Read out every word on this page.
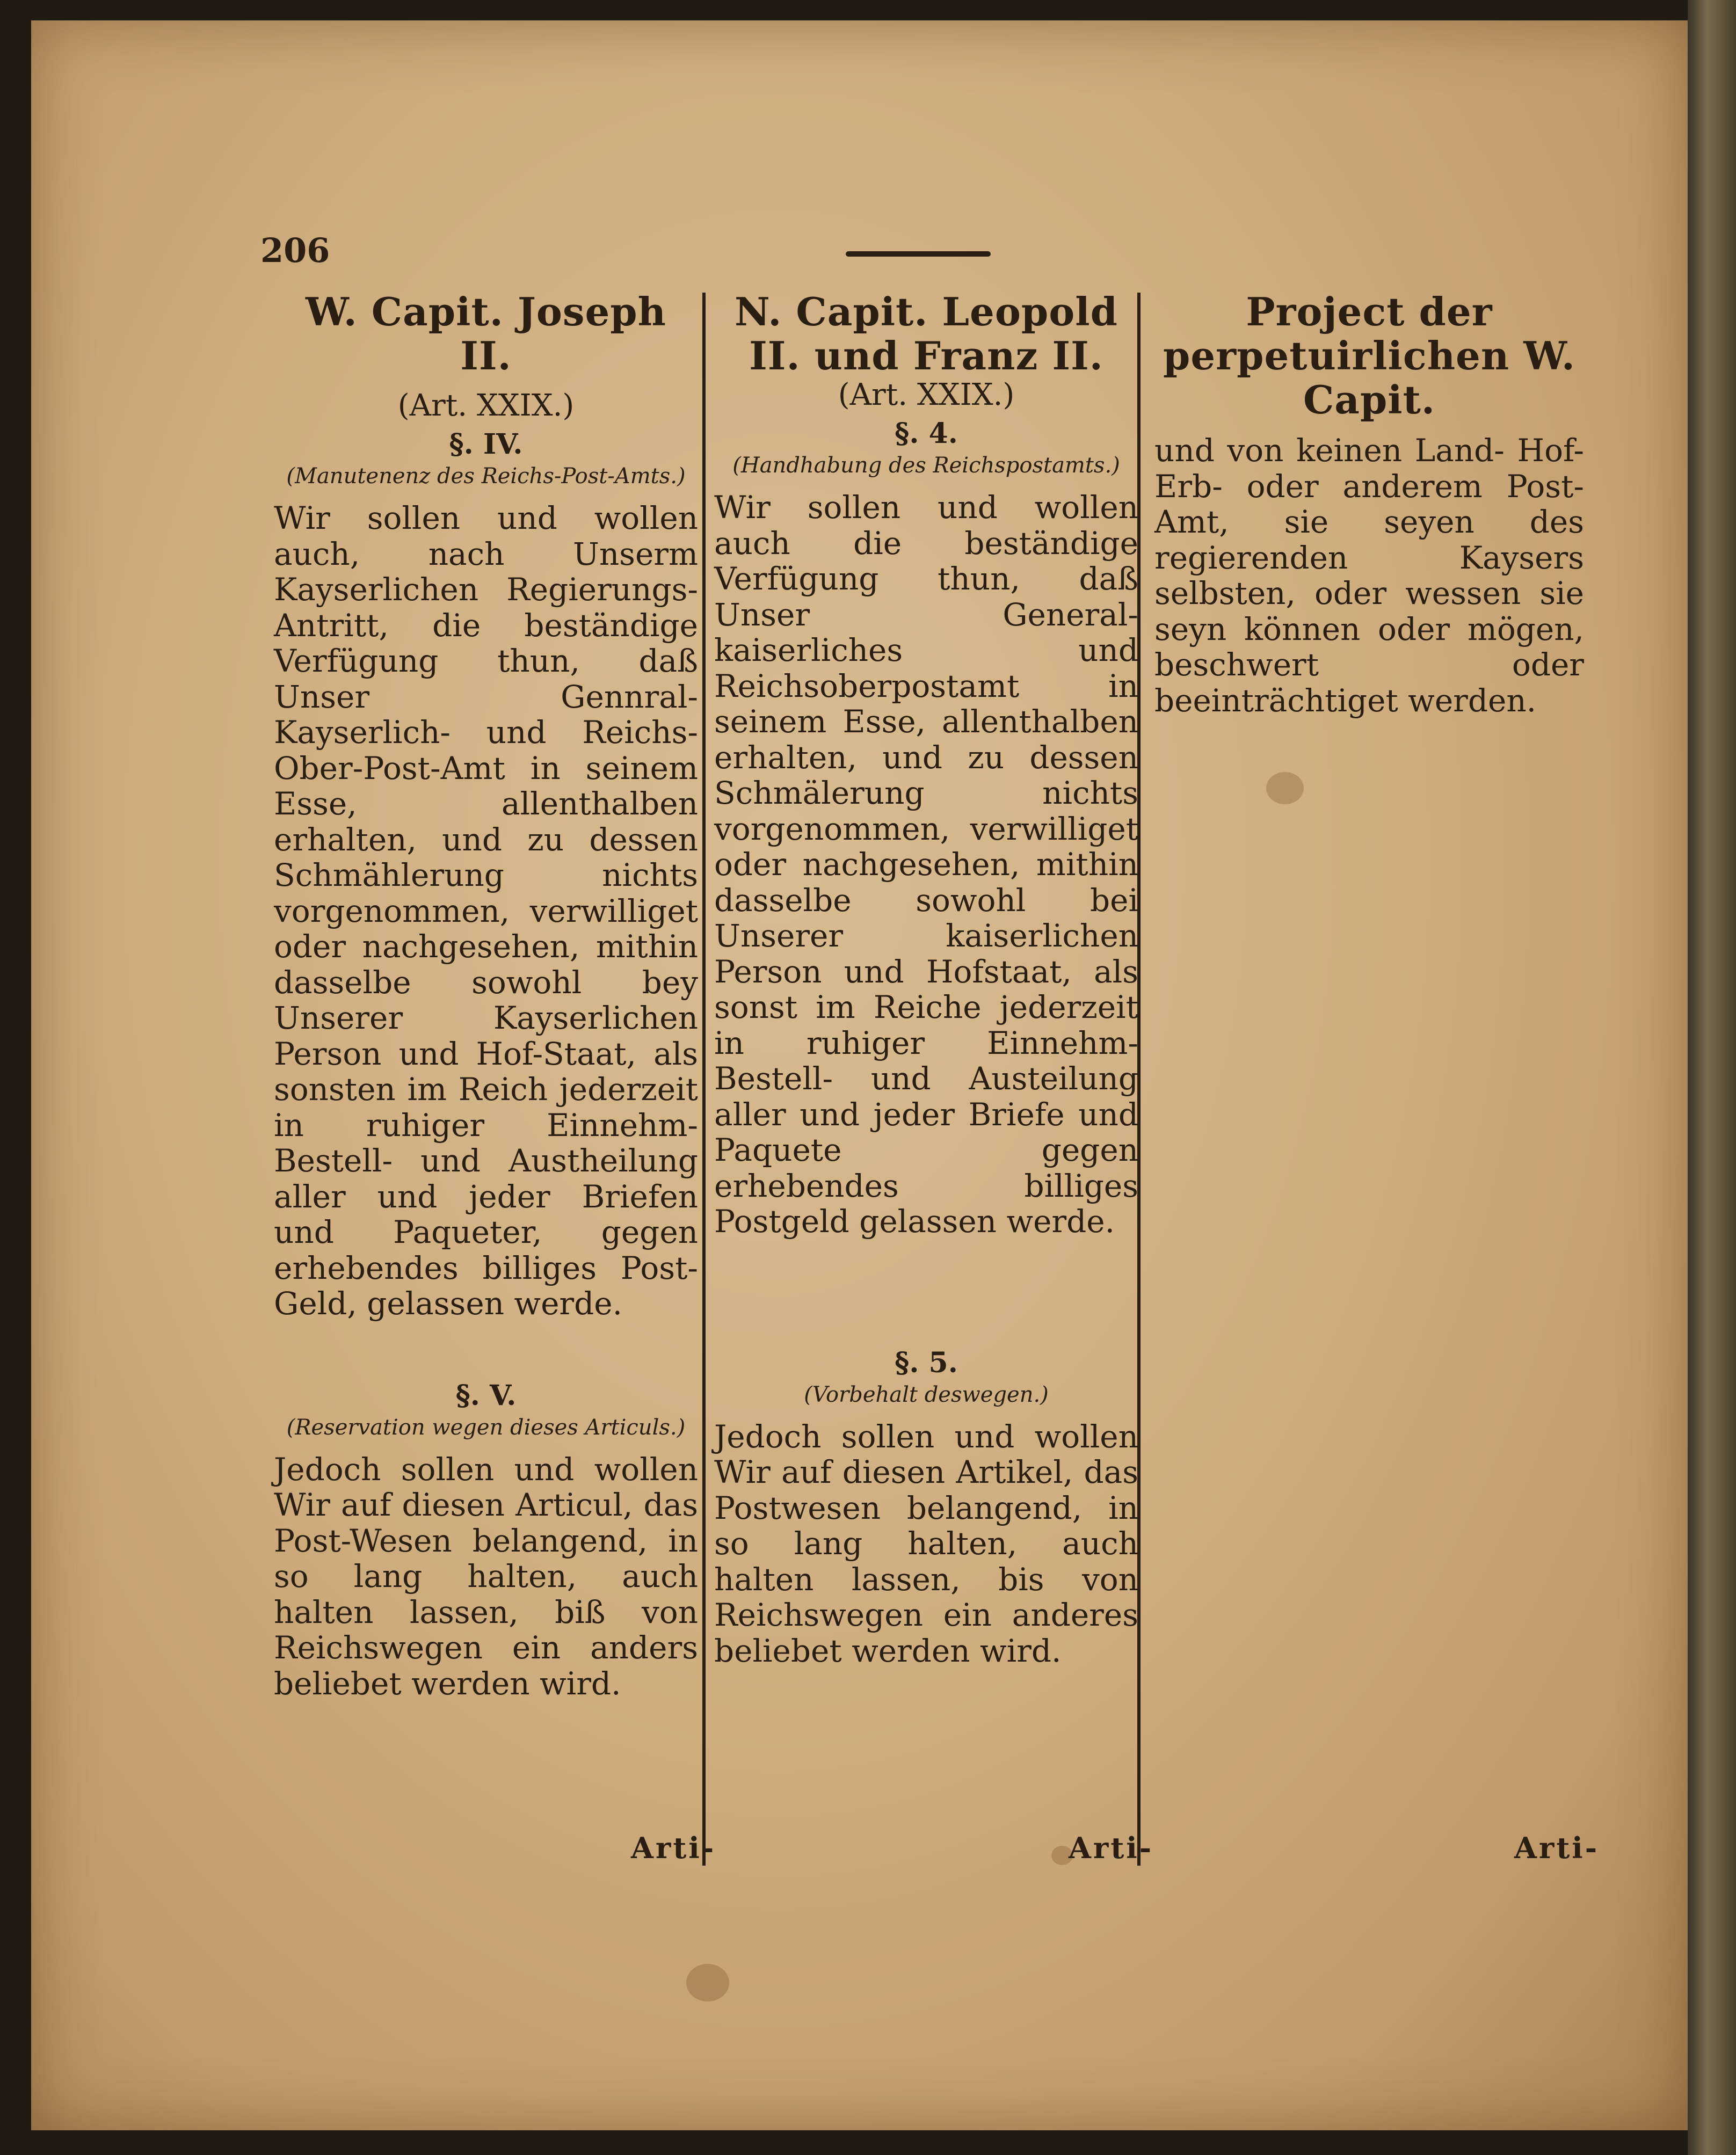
206
W. Capit. Joseph II.
(Art. XXIX.)
§. IV.
(Manutenenz des Reichs-Post-Amts.)

Wir sollen und wollen auch, nach Unserm Kayserlichen Regierungs-Antritt, die beständige Verfügung thun, daß Unser Gennral- Kayserlich- und Reichs-Ober-Post-Amt in seinem Esse, allenthalben erhalten, und zu dessen Schmählerung nichts vorgenommen, verwilliget oder nachgesehen, mithin dasselbe sowohl bey Unserer Kayserlichen Person und Hof-Staat, als sonsten im Reich jederzeit in ruhiger Einnehm- Bestell- und Austheilung aller und jeder Briefen und Paqueter, gegen erhebendes billiges Post-Geld, gelassen werde.

§. V.
(Reservation wegen dieses Articuls.)

Jedoch sollen und wollen Wir auf diesen Articul, das Post-Wesen belangend, in so lang halten, auch halten lassen, biß von Reichswegen ein anders beliebet werden wird.

N. Capit. Leopold II. und Franz II.
(Art. XXIX.)
§. 4.
(Handhabung des Reichspostamts.)

Wir sollen und wollen auch die beständige Verfügung thun, daß Unser General- kaiserliches und Reichsoberpostamt in seinem Esse, allenthalben erhalten, und zu dessen Schmälerung nichts vorgenommen, verwilliget oder nachgesehen, mithin dasselbe sowohl bei Unserer kaiserlichen Person und Hofstaat, als sonst im Reiche jederzeit in ruhiger Einnehm- Bestell- und Austeilung aller und jeder Briefe und Paquete gegen erhebendes billiges Postgeld gelassen werde.

§. 5.
(Vorbehalt deswegen.)

Jedoch sollen und wollen Wir auf diesen Artikel, das Postwesen belangend, in so lang halten, auch halten lassen, bis von Reichswegen ein anderes beliebet werden wird.

Project der perpetuirlichen W. Capit.

und von keinen Land- Hof- Erb- oder anderem Post-Amt, sie seyen des regierenden Kaysers selbsten, oder wessen sie seyn können oder mögen, beschwert oder beeinträchtiget werden.

Arti-	Arti-	Arti-
